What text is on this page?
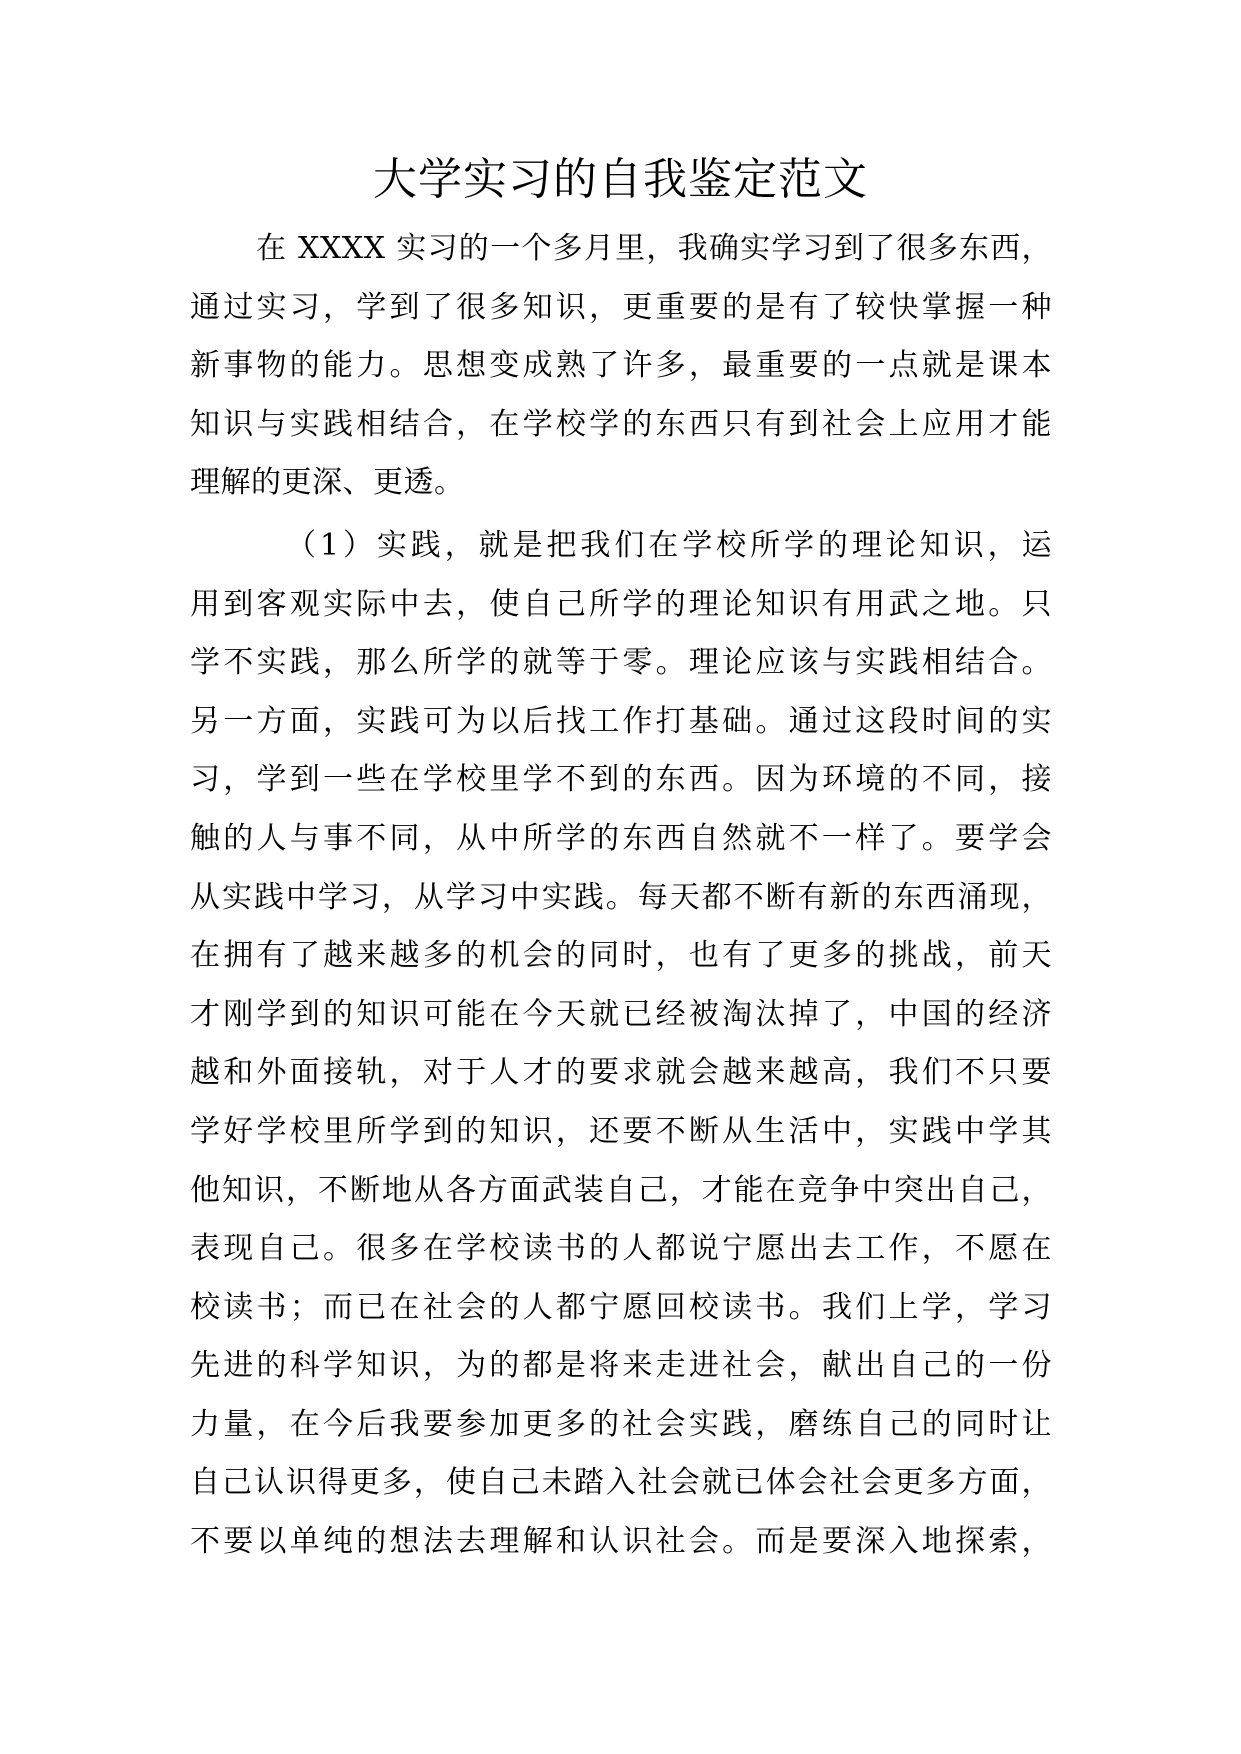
大学实习的自我鉴定范文
在 XXXX 实习的一个多月里，我确实学习到了很多东西，
通过实习，学到了很多知识，更重要的是有了较快掌握一种
新事物的能力。思想变成熟了许多，最重要的一点就是课本
知识与实践相结合，在学校学的东西只有到社会上应用才能
理解的更深、更透。
（1）实践，就是把我们在学校所学的理论知识，运
用到客观实际中去，使自己所学的理论知识有用武之地。只
学不实践，那么所学的就等于零。理论应该与实践相结合。
另一方面，实践可为以后找工作打基础。通过这段时间的实
习，学到一些在学校里学不到的东西。因为环境的不同，接
触的人与事不同，从中所学的东西自然就不一样了。要学会
从实践中学习，从学习中实践。每天都不断有新的东西涌现，
在拥有了越来越多的机会的同时，也有了更多的挑战，前天
才刚学到的知识可能在今天就已经被淘汰掉了，中国的经济
越和外面接轨，对于人才的要求就会越来越高，我们不只要
学好学校里所学到的知识，还要不断从生活中，实践中学其
他知识，不断地从各方面武装自己，才能在竞争中突出自己，
表现自己。很多在学校读书的人都说宁愿出去工作，不愿在
校读书；而已在社会的人都宁愿回校读书。我们上学，学习
先进的科学知识，为的都是将来走进社会，献出自己的一份
力量，在今后我要参加更多的社会实践，磨练自己的同时让
自己认识得更多，使自己未踏入社会就已体会社会更多方面，
不要以单纯的想法去理解和认识社会。而是要深入地探索，
